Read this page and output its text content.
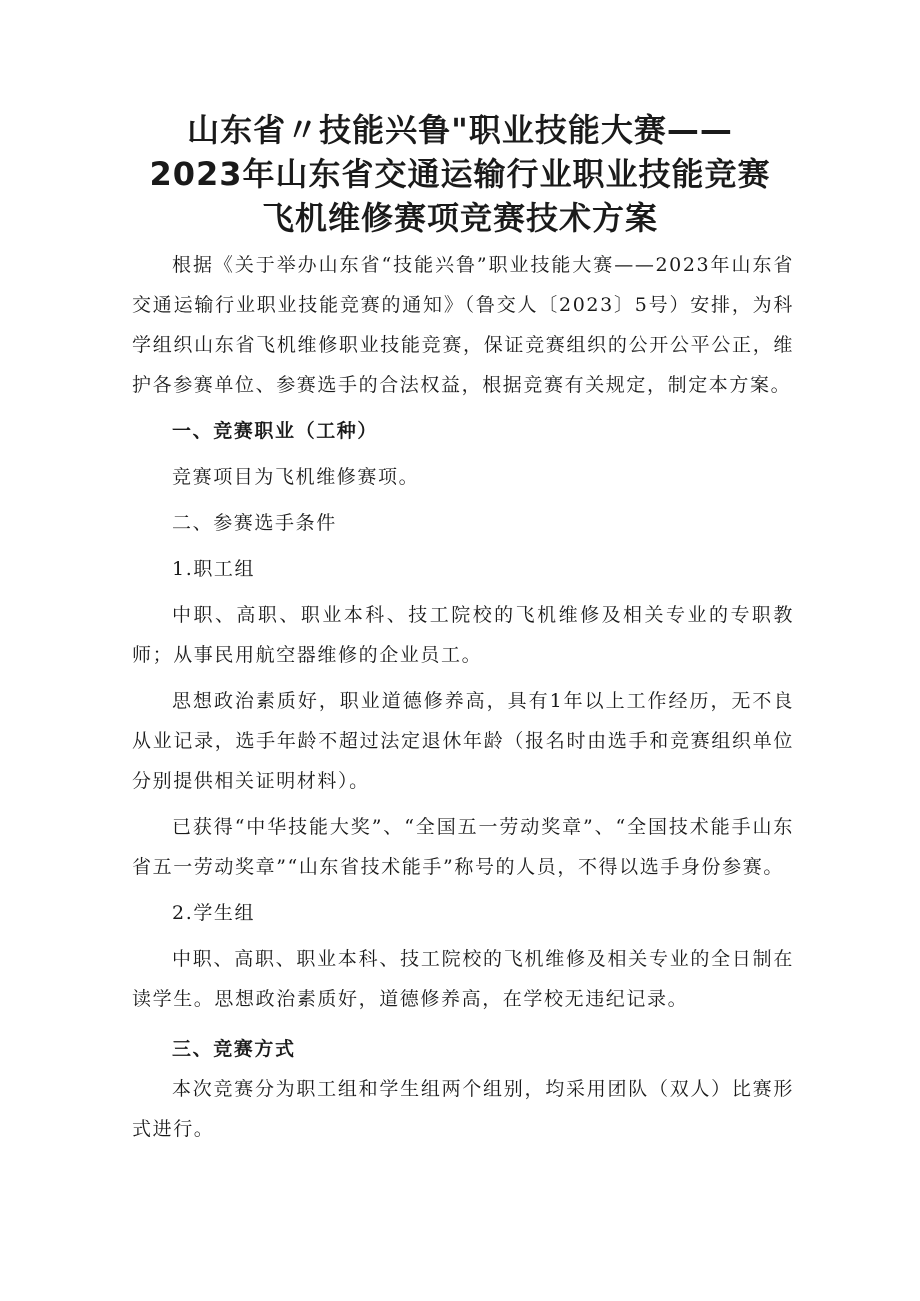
山东省〃技能兴鲁"职业技能大赛——
2023年山东省交通运输行业职业技能竞赛
飞机维修赛项竞赛技术方案

根据《关于举办山东省“技能兴鲁”职业技能大赛——2023年山东省交通运输行业职业技能竞赛的通知》（鲁交人〔2023〕5号）安排，为科学组织山东省飞机维修职业技能竞赛，保证竞赛组织的公开公平公正，维护各参赛单位、参赛选手的合法权益，根据竞赛有关规定，制定本方案。

一、竞赛职业（工种）

竞赛项目为飞机维修赛项。

二、参赛选手条件

1.职工组

中职、高职、职业本科、技工院校的飞机维修及相关专业的专职教师；从事民用航空器维修的企业员工。

思想政治素质好，职业道德修养高，具有1年以上工作经历，无不良从业记录，选手年龄不超过法定退休年龄（报名时由选手和竞赛组织单位分别提供相关证明材料）。

已获得“中华技能大奖”、“全国五一劳动奖章”、“全国技术能手山东省五一劳动奖章”“山东省技术能手”称号的人员，不得以选手身份参赛。

2.学生组

中职、高职、职业本科、技工院校的飞机维修及相关专业的全日制在读学生。思想政治素质好，道德修养高，在学校无违纪记录。

三、竞赛方式

本次竞赛分为职工组和学生组两个组别，均采用团队（双人）比赛形式进行。
